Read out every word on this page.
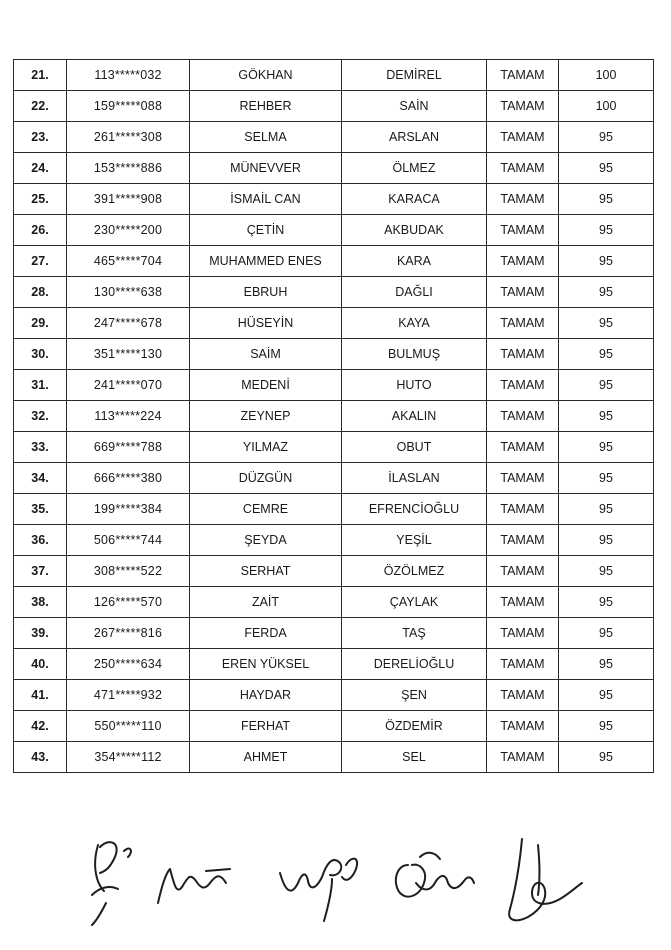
21.	113*****032	GÖKHAN	DEMİREL	TAMAM	100
22.	159*****088	REHBER	SAİN	TAMAM	100
23.	261*****308	SELMA	ARSLAN	TAMAM	95
24.	153*****886	MÜNEVVER	ÖLMEZ	TAMAM	95
25.	391*****908	İSMAİL CAN	KARACA	TAMAM	95
26.	230*****200	ÇETİN	AKBUDAK	TAMAM	95
27.	465*****704	MUHAMMED ENES	KARA	TAMAM	95
28.	130*****638	EBRUH	DAĞLI	TAMAM	95
29.	247*****678	HÜSEYİN	KAYA	TAMAM	95
30.	351*****130	SAİM	BULMUŞ	TAMAM	95
31.	241*****070	MEDENİ	HUTO	TAMAM	95
32.	113*****224	ZEYNEP	AKALIN	TAMAM	95
33.	669*****788	YILMAZ	OBUT	TAMAM	95
34.	666*****380	DÜZGÜN	İLASLAN	TAMAM	95
35.	199*****384	CEMRE	EFRENCİOĞLU	TAMAM	95
36.	506*****744	ŞEYDA	YEŞİL	TAMAM	95
37.	308*****522	SERHAT	ÖZÖLMEZ	TAMAM	95
38.	126*****570	ZAİT	ÇAYLAK	TAMAM	95
39.	267*****816	FERDA	TAŞ	TAMAM	95
40.	250*****634	EREN YÜKSEL	DERELİOĞLU	TAMAM	95
41.	471*****932	HAYDAR	ŞEN	TAMAM	95
42.	550*****110	FERHAT	ÖZDEMİR	TAMAM	95
43.	354*****112	AHMET	SEL	TAMAM	95
